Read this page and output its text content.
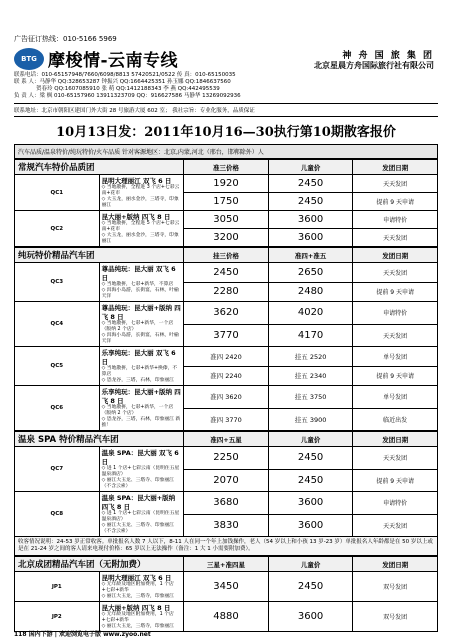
广告征订热线：010-5166 5969
BTG 摩梭情-云南专线	神 舟 国 旅 集 团
北京星晨方舟国际旅行社有限公司
联系电话：010-65157948/7660/6098/8813 57420521/0522 传 真：010-65150035
联 系 人：马静华 QQ:328653287 钟振兴 QQ:1664425351 孙玉娜 QQ:1846637560
贺春玲 QQ:1607085910 张 萌 QQ:1412188343 李 燕 QQ:442495539
负 责 人：梁 枫 010-65157960 13911323709 QQ：916627586 马静华 13269092936
联系地址：北京市朝阳区建国门外大街 28 号旅游大厦 602 室； 我社宗旨：专业化服务，品质保证
10月13日发：2011年10月16—30执行第10期散客报价
汽车品质/温泉特价/纯玩特价/火车品质 针对客源地区：北京,内蒙,河北（邢台，邯郸除外）人
常规汽车特价品质团		准三价格	儿童价	发团日期
QC1	昆明大理丽江 双飞 6 日
◇ 当地散拼，全程进 3 个店+七彩云南+花市
◇ 大玉龙，丽水金沙，三塔寺，印象丽江	1920	2450	天天发团
		1750	2450	提前 9 天申请
QC2	昆大丽+版纳 四飞 8 日
◇ 当地散拼，全程进 5 个店+七彩云南+花市
◇ 大玉龙，丽水金沙，三塔寺，印象丽江	3050	3600	申请特价
		3200	3600	天天发团
纯玩特价精品汽车团		挂三价格	准四+准五	发团日期
QC3	尊品纯玩：昆大丽 双飞 6 日
◇ 当地散拼，七彩+新华，不算店
◇ 洱海小岛游，长街宴，石林，叶榆天洋	2450	2650	天天发团
		2280	2480	提前 9 天申请
QC4	尊品纯玩：昆大丽+版纳 四飞 8 日
◇ 当地散拼，七彩+新华，一个店（版纳 2 个店）
◇ 洱海小岛游，长街宴，石林，叶榆天洋	3620	4020	申请特价
		3770	4170	天天发团
QC5	乐享纯玩：昆大丽 双飞 6 日
◇ 当地散拼，七彩+新华+换傣，不算店
◇ 恐龙谷，三塔，石林，印象丽江	准四 2420	挂五 2520	单号发团
		准四 2240	挂五 2340	提前 9 天申请
QC6	乐享纯玩：昆大丽+版纳 四飞 8 日
◇ 当地散拼，七彩+新华，一个店（版纳 2 个店）
◇ 恐龙谷，三塔，石林，印象丽江 新推！	准四 3620	挂五 3750	单号发团
		准四 3770	挂五 3900	临近出发
温泉 SPA 特价精品汽车团		准四+五星	儿童价	发团日期
QC7	温泉 SPA：昆大丽 双飞 6 日
◇ 进 1 个店+七彩云南（昆明住五星温泉酒店）
◇ 丽江大玉龙、三塔寺、印象丽江（不含云索）	2250	2450	天天发团
		2070	2450	提前 9 天申请
QC8	温泉 SPA：昆大丽+版纳 四飞 8 日
◇ 进 1 个店+七彩云南（昆明住五星温泉酒店）
◇ 丽江大玉龙、三塔寺、印象丽江（不含云索）	3680	3600	申请特价
		3830	3600	天天发团
收客情况说明：24-53 岁正常收客。单批报名人数 7 人以下，8-11 人在同一个年上加钱操作，老人（54 岁以上和小孩 13 岁-23 岁）单批报名人年龄都是在 50 岁以上或是在 21-24 岁之间的客人请来电现付价格：65 岁以上无法操作（备注：1 大 1 小需要附加费）。
北京成团精品汽车团（无附加费）		三星+准四星	儿童价	发团日期
JP1	昆明大理丽江 双飞 6 日
◇ 无年龄及地区附加费用，1 个店+七彩+新华
◇ 丽江大玉龙，三塔寺，印象丽江	3450	2450	双号发团
JP2	昆大丽+版纳 四飞 8 日
◇ 无年龄及地区附加费用，1 个店+七彩+新华
◇ 丽江大玉龙，三塔寺，印象丽江	4880	3600	双号发团
118 国内下游 | 欢迎浏览电子版 www.zyoo.net
